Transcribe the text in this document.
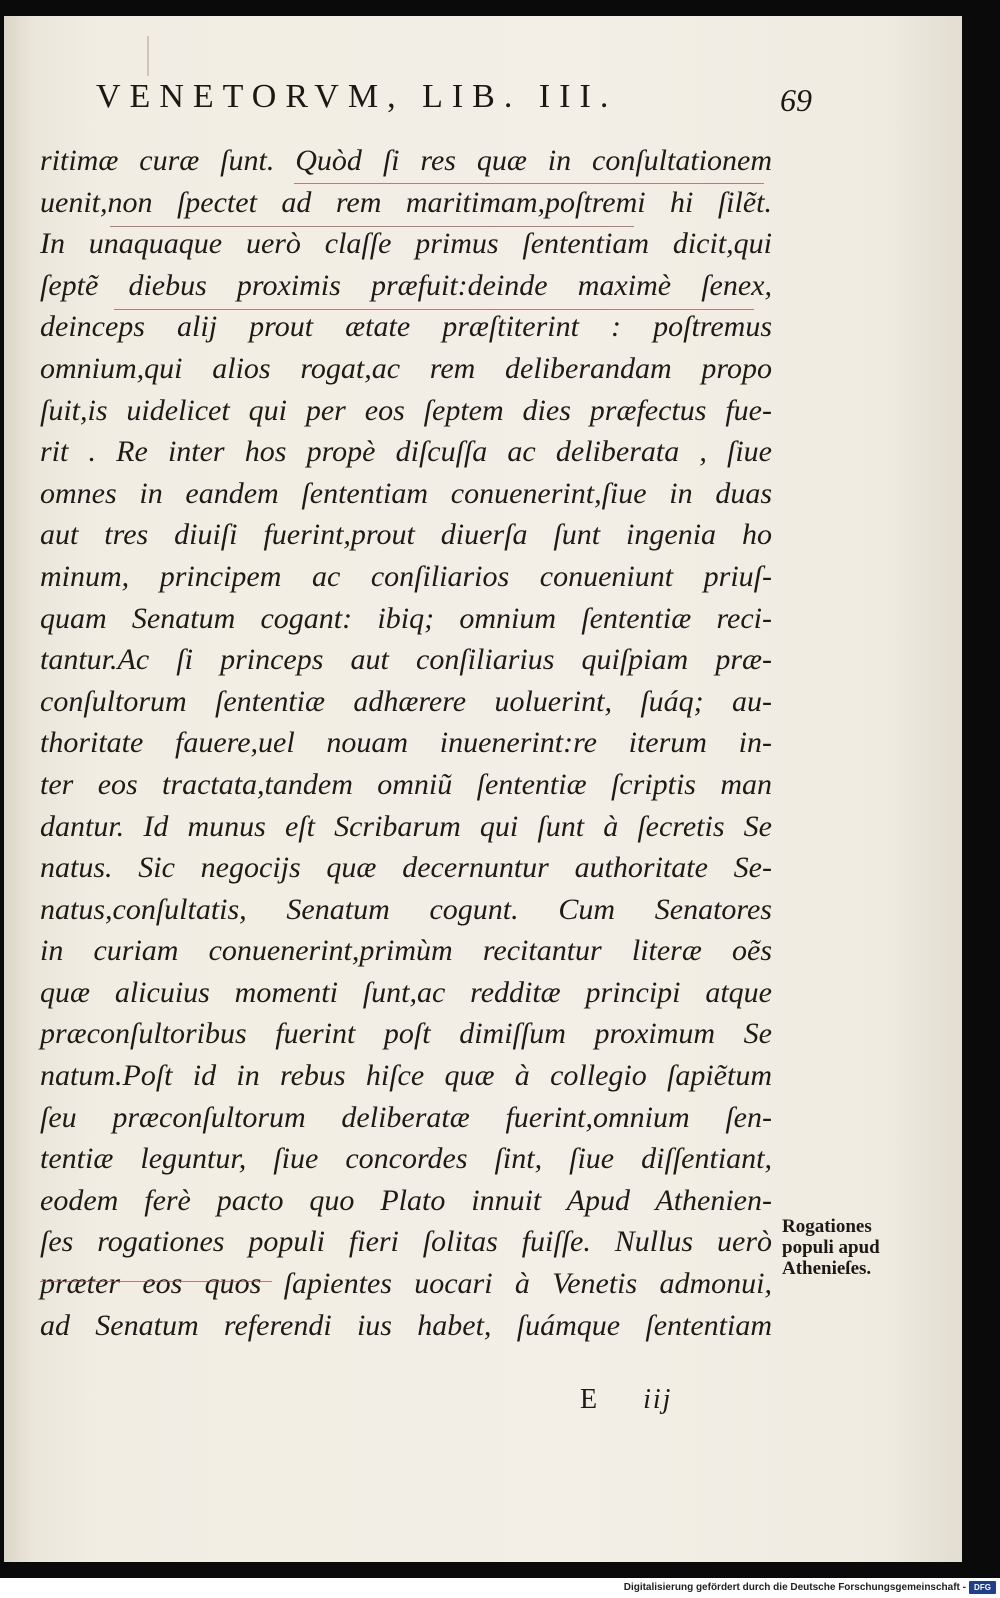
VENETORVM, LIB. III.	69
ritimæ curæ ſunt. Quòd ſi res quæ in conſultationem
uenit,non ſpectet ad rem maritimam,poſtremi hi ſilẽt.
In unaquaque uerò claſſe primus ſententiam dicit,qui
ſeptẽ diebus proximis præfuit:deinde maximè ſenex,
deinceps alij prout ætate præſtiterint : poſtremus
omnium,qui alios rogat,ac rem deliberandam propo
ſuit,is uidelicet qui per eos ſeptem dies præfectus fue-
rit . Re inter hos propè diſcuſſa ac deliberata , ſiue
omnes in eandem ſententiam conuenerint,ſiue in duas
aut tres diuiſi fuerint,prout diuerſa ſunt ingenia ho
minum, principem ac conſiliarios conueniunt priuſ-
quam Senatum cogant: ibiq; omnium ſententiæ reci-
tantur.Ac ſi princeps aut conſiliarius quiſpiam præ-
conſultorum ſententiæ adhærere uoluerint, ſuáq; au-
thoritate fauere,uel nouam inuenerint:re iterum in-
ter eos tractata,tandem omniũ ſententiæ ſcriptis man
dantur. Id munus eſt Scribarum qui ſunt à ſecretis Se
natus. Sic negocijs quæ decernuntur authoritate Se-
natus,conſultatis, Senatum cogunt. Cum Senatores
in curiam conuenerint,primùm recitantur literæ oẽs
quæ alicuius momenti ſunt,ac redditæ principi atque
præconſultoribus fuerint poſt dimiſſum proximum Se
natum.Poſt id in rebus hiſce quæ à collegio ſapiẽtum
ſeu præconſultorum deliberatæ fuerint,omnium ſen-
tentiæ leguntur, ſiue concordes ſint, ſiue diſſentiant,
eodem ferè pacto quo Plato innuit Apud Athenien-
ſes rogationes populi fieri ſolitas fuiſſe. Nullus uerò
præter eos quos ſapientes uocari à Venetis admonui,
ad Senatum referendi ius habet, ſuámque ſententiam
Rogationes
populi apud
Athenieſes.
E iij
Digitalisierung gefördert durch die Deutsche Forschungsgemeinschaft -	DFG
